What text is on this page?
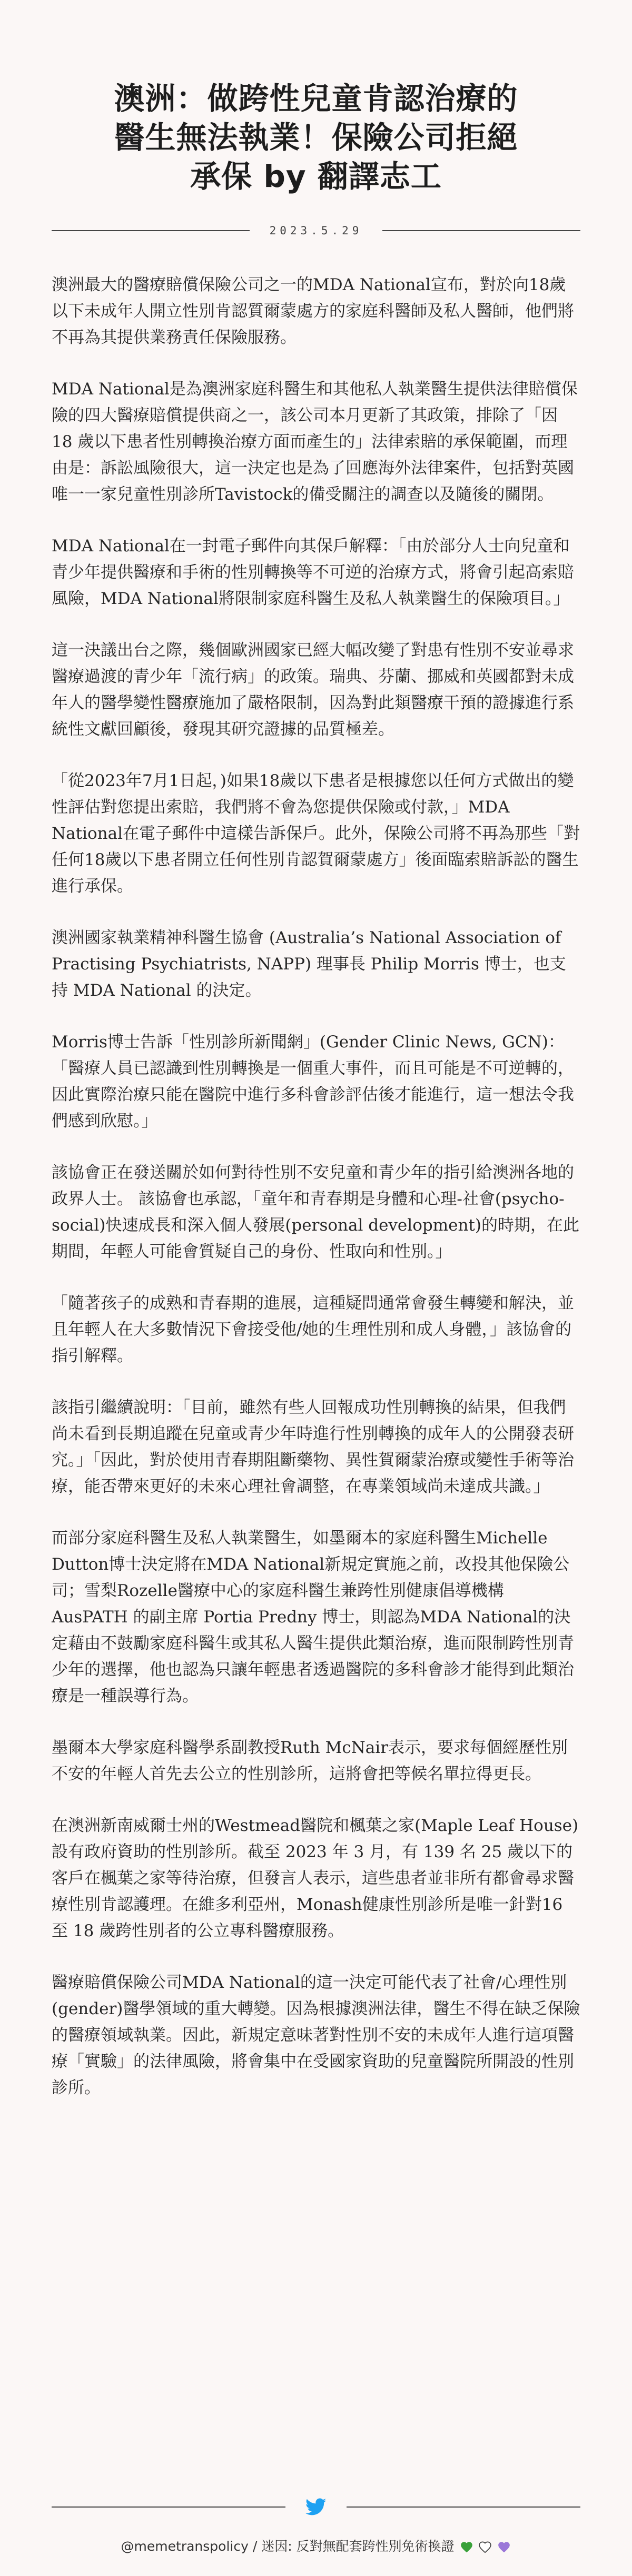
澳洲：做跨性兒童肯認治療的
醫生無法執業！保險公司拒絕
承保 by 翻譯志工
2023.5.29

澳洲最大的醫療賠償保險公司之一的MDA National宣布，對於向18歲以下未成年人開立性別肯認質爾蒙處方的家庭科醫師及私人醫師，他們將不再為其提供業務責任保險服務。

MDA National是為澳洲家庭科醫生和其他私人執業醫生提供法律賠償保險的四大醫療賠償提供商之一，該公司本月更新了其政策，排除了「因 18 歲以下患者性別轉換治療方面而產生的」法律索賠的承保範圍，而理由是：訴訟風險很大，這一決定也是為了回應海外法律案件，包括對英國唯一一家兒童性別診所Tavistock的備受關注的調查以及隨後的關閉。

MDA National在一封電子郵件向其保戶解釋：「由於部分人士向兒童和青少年提供醫療和手術的性別轉換等不可逆的治療方式，將會引起高索賠風險，MDA National將限制家庭科醫生及私人執業醫生的保險項目。」

這一決議出台之際，幾個歐洲國家已經大幅改變了對患有性別不安並尋求醫療過渡的青少年「流行病」的政策。瑞典、芬蘭、挪威和英國都對未成年人的醫學變性醫療施加了嚴格限制，因為對此類醫療干預的證據進行系統性文獻回顧後，發現其研究證據的品質極差。

「從2023年7月1日起，)如果18歲以下患者是根據您以任何方式做出的變性評估對您提出索賠，我們將不會為您提供保險或付款，」MDA National在電子郵件中這樣告訴保戶。此外，保險公司將不再為那些「對任何18歲以下患者開立任何性別肯認賀爾蒙處方」後面臨索賠訴訟的醫生進行承保。

澳洲國家執業精神科醫生協會 (Australia’s National Association of Practising Psychiatrists, NAPP) 理事長 Philip Morris 博士，也支持 MDA National 的決定。

Morris博士告訴「性別診所新聞網」(Gender Clinic News, GCN)：「醫療人員已認識到性別轉換是一個重大事件，而且可能是不可逆轉的，因此實際治療只能在醫院中進行多科會診評估後才能進行，這一想法令我們感到欣慰。」

該協會正在發送關於如何對待性別不安兒童和青少年的指引給澳洲各地的政界人士。 該協會也承認，「童年和青春期是身體和心理-社會(psycho-social)快速成長和深入個人發展(personal development)的時期，在此期間，年輕人可能會質疑自己的身份、性取向和性別。」

「隨著孩子的成熟和青春期的進展，這種疑問通常會發生轉變和解決，並且年輕人在大多數情況下會接受他/她的生理性別和成人身體，」該協會的指引解釋。

該指引繼續說明：「目前，雖然有些人回報成功性別轉換的結果，但我們尚未看到長期追蹤在兒童或青少年時進行性別轉換的成年人的公開發表研究。」「因此，對於使用青春期阻斷藥物、異性賀爾蒙治療或變性手術等治療，能否帶來更好的未來心理社會調整，在專業領域尚未達成共識。」

而部分家庭科醫生及私人執業醫生，如墨爾本的家庭科醫生Michelle Dutton博士決定將在MDA National新規定實施之前，改投其他保險公司；雪梨Rozelle醫療中心的家庭科醫生兼跨性別健康倡導機構 AusPATH 的副主席 Portia Predny 博士，則認為MDA National的決定藉由不鼓勵家庭科醫生或其私人醫生提供此類治療，進而限制跨性別青少年的選擇，他也認為只讓年輕患者透過醫院的多科會診才能得到此類治療是一種誤導行為。

墨爾本大學家庭科醫學系副教授Ruth McNair表示，要求每個經歷性別不安的年輕人首先去公立的性別診所，這將會把等候名單拉得更長。

在澳洲新南威爾士州的Westmead醫院和楓葉之家(Maple Leaf House)設有政府資助的性別診所。截至 2023 年 3 月，有 139 名 25 歲以下的客戶在楓葉之家等待治療，但發言人表示，這些患者並非所有都會尋求醫療性別肯認護理。在維多利亞州，Monash健康性別診所是唯一針對16 至 18 歲跨性別者的公立專科醫療服務。

醫療賠償保險公司MDA National的這一決定可能代表了社會/心理性別(gender)醫學領域的重大轉變。因為根據澳洲法律，醫生不得在缺乏保險的醫療領域執業。因此，新規定意味著對性別不安的未成年人進行這項醫療「實驗」的法律風險，將會集中在受國家資助的兒童醫院所開設的性別診所。

@memetranspolicy / 迷因: 反對無配套跨性別免術換證
